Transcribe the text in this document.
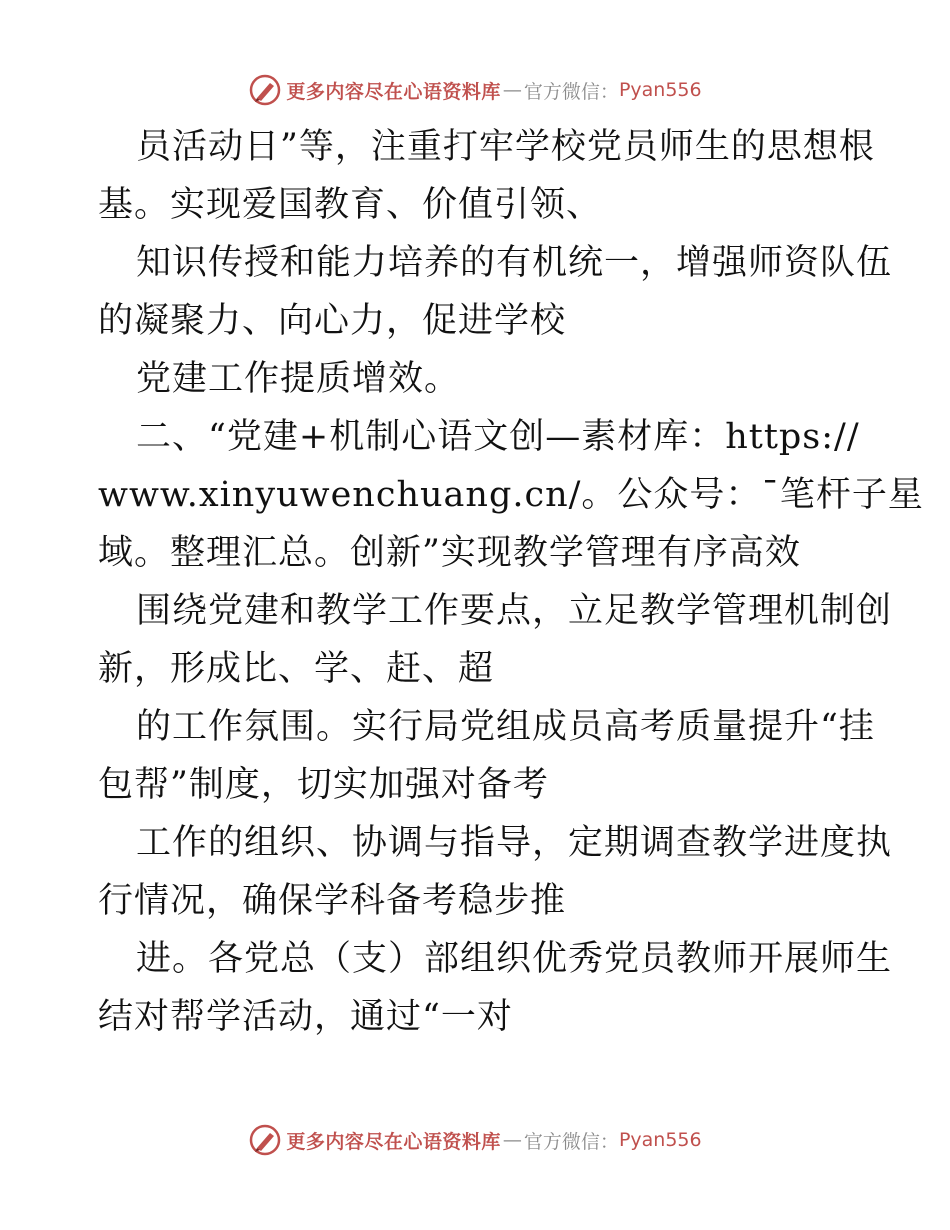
更多内容尽在心语资料库 — 官方微信： Pyan556
员活动日”等，注重打牢学校党员师生的思想根
基。实现爱国教育、价值引领、
知识传授和能力培养的有机统一，增强师资队伍
的凝聚力、向心力，促进学校
党建工作提质增效。
二、“党建+机制心语文创—素材库：https://
www.xinyuwenchuang.cn/。公众号：¯笔杆子星
域。整理汇总。创新”实现教学管理有序高效
围绕党建和教学工作要点，立足教学管理机制创
新，形成比、学、赶、超
的工作氛围。实行局党组成员高考质量提升“挂
包帮”制度，切实加强对备考
工作的组织、协调与指导，定期调查教学进度执
行情况，确保学科备考稳步推
进。各党总（支）部组织优秀党员教师开展师生
结对帮学活动，通过“一对
更多内容尽在心语资料库 — 官方微信： Pyan556
